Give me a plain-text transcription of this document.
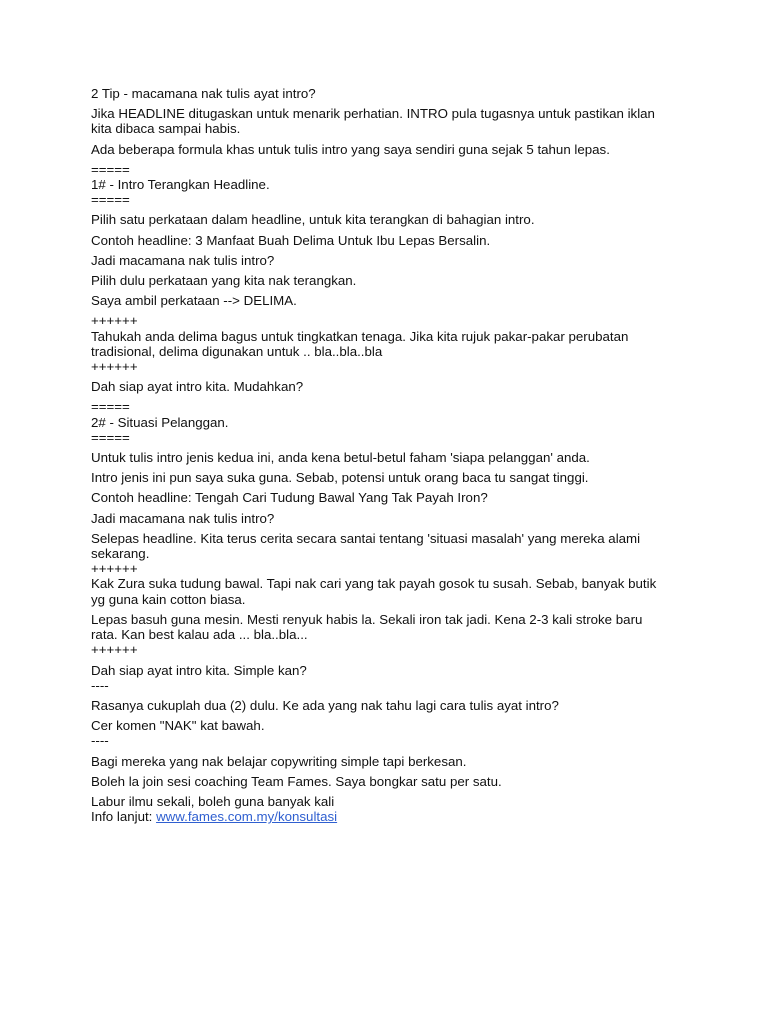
2 Tip - macamana nak tulis ayat intro?

Jika HEADLINE ditugaskan untuk menarik perhatian. INTRO pula tugasnya untuk pastikan iklan
kita dibaca sampai habis.

Ada beberapa formula khas untuk tulis intro yang saya sendiri guna sejak 5 tahun lepas.

=====
1# - Intro Terangkan Headline.
=====

Pilih satu perkataan dalam headline, untuk kita terangkan di bahagian intro.

Contoh headline: 3 Manfaat Buah Delima Untuk Ibu Lepas Bersalin.

Jadi macamana nak tulis intro?

Pilih dulu perkataan yang kita nak terangkan.

Saya ambil perkataan --> DELIMA.

++++++
Tahukah anda delima bagus untuk tingkatkan tenaga. Jika kita rujuk pakar-pakar perubatan
tradisional, delima digunakan untuk .. bla..bla..bla
++++++

Dah siap ayat intro kita. Mudahkan?

=====
2# - Situasi Pelanggan.
=====

Untuk tulis intro jenis kedua ini, anda kena betul-betul faham 'siapa pelanggan' anda.

Intro jenis ini pun saya suka guna. Sebab, potensi untuk orang baca tu sangat tinggi.

Contoh headline: Tengah Cari Tudung Bawal Yang Tak Payah Iron?

Jadi macamana nak tulis intro?

Selepas headline. Kita terus cerita secara santai tentang 'situasi masalah' yang mereka alami
sekarang.
++++++
Kak Zura suka tudung bawal. Tapi nak cari yang tak payah gosok tu susah. Sebab, banyak butik
yg guna kain cotton biasa.

Lepas basuh guna mesin. Mesti renyuk habis la. Sekali iron tak jadi. Kena 2-3 kali stroke baru
rata. Kan best kalau ada ... bla..bla...
++++++

Dah siap ayat intro kita. Simple kan?
----

Rasanya cukuplah dua (2) dulu. Ke ada yang nak tahu lagi cara tulis ayat intro?

Cer komen "NAK" kat bawah.
----

Bagi mereka yang nak belajar copywriting simple tapi berkesan.

Boleh la join sesi coaching Team Fames. Saya bongkar satu per satu.

Labur ilmu sekali, boleh guna banyak kali

Info lanjut: www.fames.com.my/konsultasi
